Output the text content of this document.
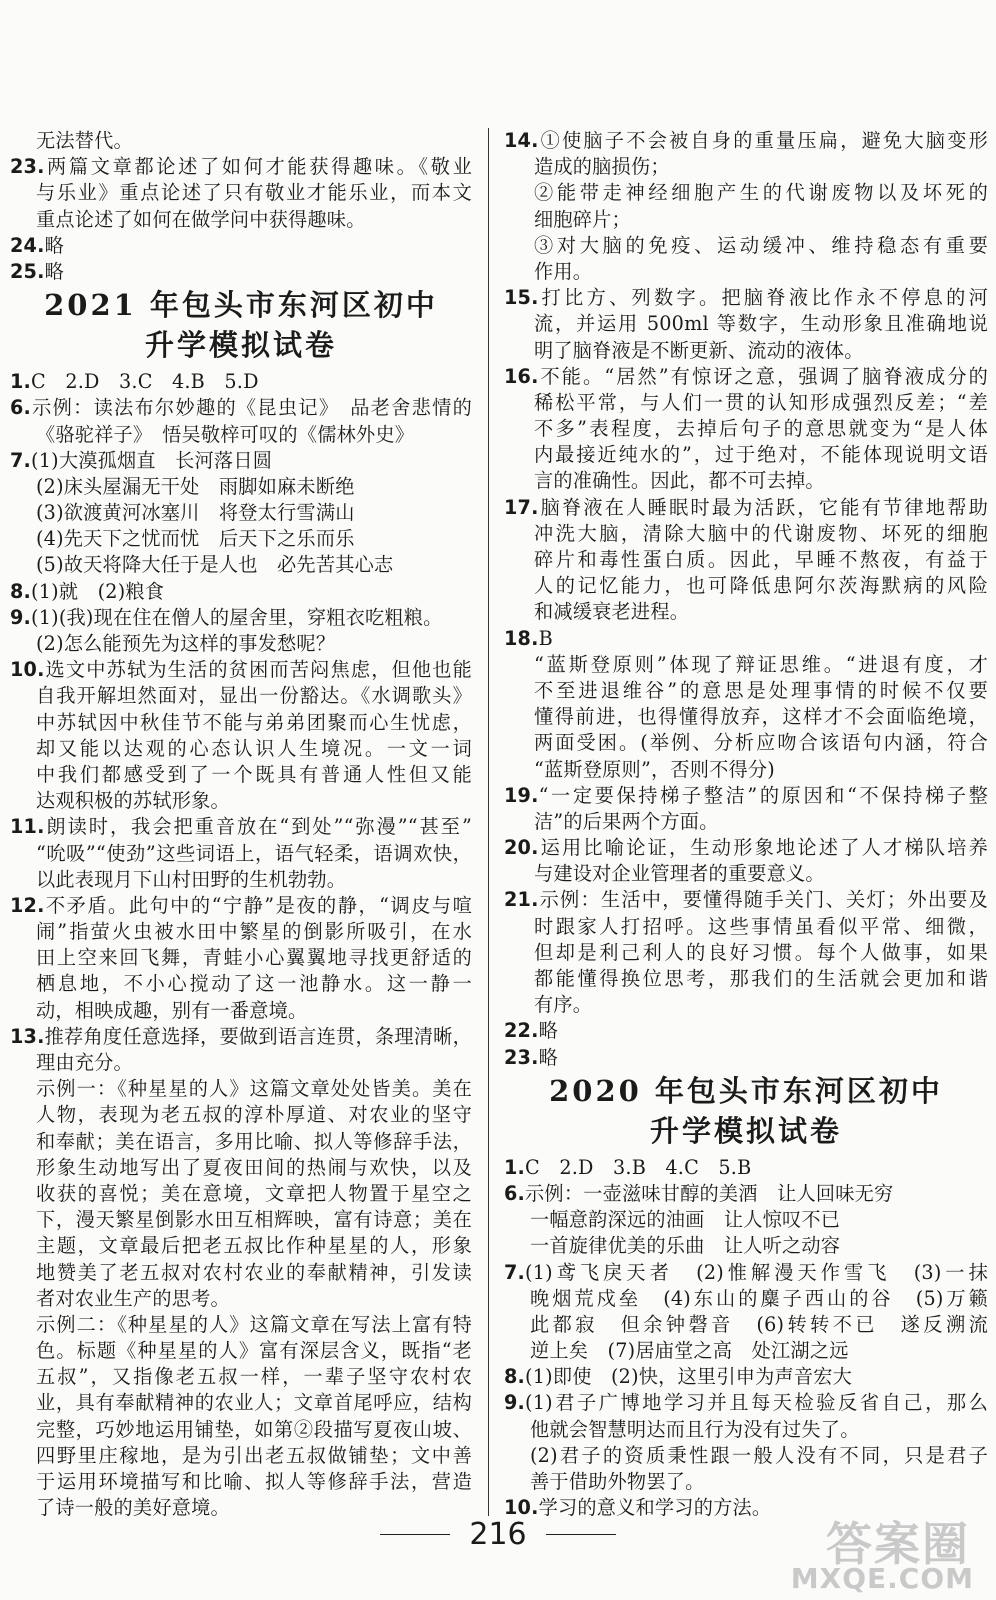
无法替代。
23.两篇文章都论述了如何才能获得趣味。《敬业
与乐业》重点论述了只有敬业才能乐业，而本文
重点论述了如何在做学问中获得趣味。
24.略
25.略
2021 年包头市东河区初中
升学模拟试卷
1.C　2.D　3.C　4.B　5.D
6.示例：读法布尔妙趣的《昆虫记》　品老舍悲情的
《骆驼祥子》　悟吴敬梓可叹的《儒林外史》
7.(1)大漠孤烟直　长河落日圆
(2)床头屋漏无干处　雨脚如麻未断绝
(3)欲渡黄河冰塞川　将登太行雪满山
(4)先天下之忧而忧　后天下之乐而乐
(5)故天将降大任于是人也　必先苦其心志
8.(1)就　(2)粮食
9.(1)(我)现在住在僧人的屋舍里，穿粗衣吃粗粮。
(2)怎么能预先为这样的事发愁呢？
10.选文中苏轼为生活的贫困而苦闷焦虑，但他也能
自我开解坦然面对，显出一份豁达。《水调歌头》
中苏轼因中秋佳节不能与弟弟团聚而心生忧虑，
却又能以达观的心态认识人生境况。一文一词
中我们都感受到了一个既具有普通人性但又能
达观积极的苏轼形象。
11.朗读时，我会把重音放在“到处”“弥漫”“甚至”
“吮吸”“使劲”这些词语上，语气轻柔，语调欢快，
以此表现月下山村田野的生机勃勃。
12.不矛盾。此句中的“宁静”是夜的静，“调皮与喧
闹”指萤火虫被水田中繁星的倒影所吸引，在水
田上空来回飞舞，青蛙小心翼翼地寻找更舒适的
栖息地，不小心搅动了这一池静水。这一静一
动，相映成趣，别有一番意境。
13.推荐角度任意选择，要做到语言连贯，条理清晰，
理由充分。
示例一：《种星星的人》这篇文章处处皆美。美在
人物，表现为老五叔的淳朴厚道、对农业的坚守
和奉献；美在语言，多用比喻、拟人等修辞手法，
形象生动地写出了夏夜田间的热闹与欢快，以及
收获的喜悦；美在意境，文章把人物置于星空之
下，漫天繁星倒影水田互相辉映，富有诗意；美在
主题，文章最后把老五叔比作种星星的人，形象
地赞美了老五叔对农村农业的奉献精神，引发读
者对农业生产的思考。
示例二：《种星星的人》这篇文章在写法上富有特
色。标题《种星星的人》富有深层含义，既指“老
五叔”，又指像老五叔一样，一辈子坚守农村农
业，具有奉献精神的农业人；文章首尾呼应，结构
完整，巧妙地运用铺垫，如第②段描写夏夜山坡、
四野里庄稼地，是为引出老五叔做铺垫；文中善
于运用环境描写和比喻、拟人等修辞手法，营造
了诗一般的美好意境。
14.①使脑子不会被自身的重量压扁，避免大脑变形
造成的脑损伤；
②能带走神经细胞产生的代谢废物以及坏死的
细胞碎片；
③对大脑的免疫、运动缓冲、维持稳态有重要
作用。
15.打比方、列数字。把脑脊液比作永不停息的河
流，并运用 500ml 等数字，生动形象且准确地说
明了脑脊液是不断更新、流动的液体。
16.不能。“居然”有惊讶之意，强调了脑脊液成分的
稀松平常，与人们一贯的认知形成强烈反差；“差
不多”表程度，去掉后句子的意思就变为“是人体
内最接近纯水的”，过于绝对，不能体现说明文语
言的准确性。因此，都不可去掉。
17.脑脊液在人睡眠时最为活跃，它能有节律地帮助
冲洗大脑，清除大脑中的代谢废物、坏死的细胞
碎片和毒性蛋白质。因此，早睡不熬夜，有益于
人的记忆能力，也可降低患阿尔茨海默病的风险
和减缓衰老进程。
18.B
“蓝斯登原则”体现了辩证思维。“进退有度，才
不至进退维谷”的意思是处理事情的时候不仅要
懂得前进，也得懂得放弃，这样才不会面临绝境，
两面受困。(举例、分析应吻合该语句内涵，符合
“蓝斯登原则”，否则不得分)
19.“一定要保持梯子整洁”的原因和“不保持梯子整
洁”的后果两个方面。
20.运用比喻论证，生动形象地论述了人才梯队培养
与建设对企业管理者的重要意义。
21.示例：生活中，要懂得随手关门、关灯；外出要及
时跟家人打招呼。这些事情虽看似平常、细微，
但却是利己利人的良好习惯。每个人做事，如果
都能懂得换位思考，那我们的生活就会更加和谐
有序。
22.略
23.略
2020 年包头市东河区初中
升学模拟试卷
1.C　2.D　3.B　4.C　5.B
6.示例：一壶滋味甘醇的美酒　让人回味无穷
一幅意韵深远的油画　让人惊叹不已
一首旋律优美的乐曲　让人听之动容
7.(1)鸢飞戾天者　(2)惟解漫天作雪飞　(3)一抹
晚烟荒戍垒　(4)东山的麋子西山的谷　(5)万籁
此都寂　但余钟磬音　(6)转转不已　遂反溯流
逆上矣　(7)居庙堂之高　处江湖之远
8.(1)即使　(2)快，这里引申为声音宏大
9.(1)君子广博地学习并且每天检验反省自己，那么
他就会智慧明达而且行为没有过失了。
(2)君子的资质秉性跟一般人没有不同，只是君子
善于借助外物罢了。
10.学习的意义和学习的方法。
216	答案圈
MXQE.COM
